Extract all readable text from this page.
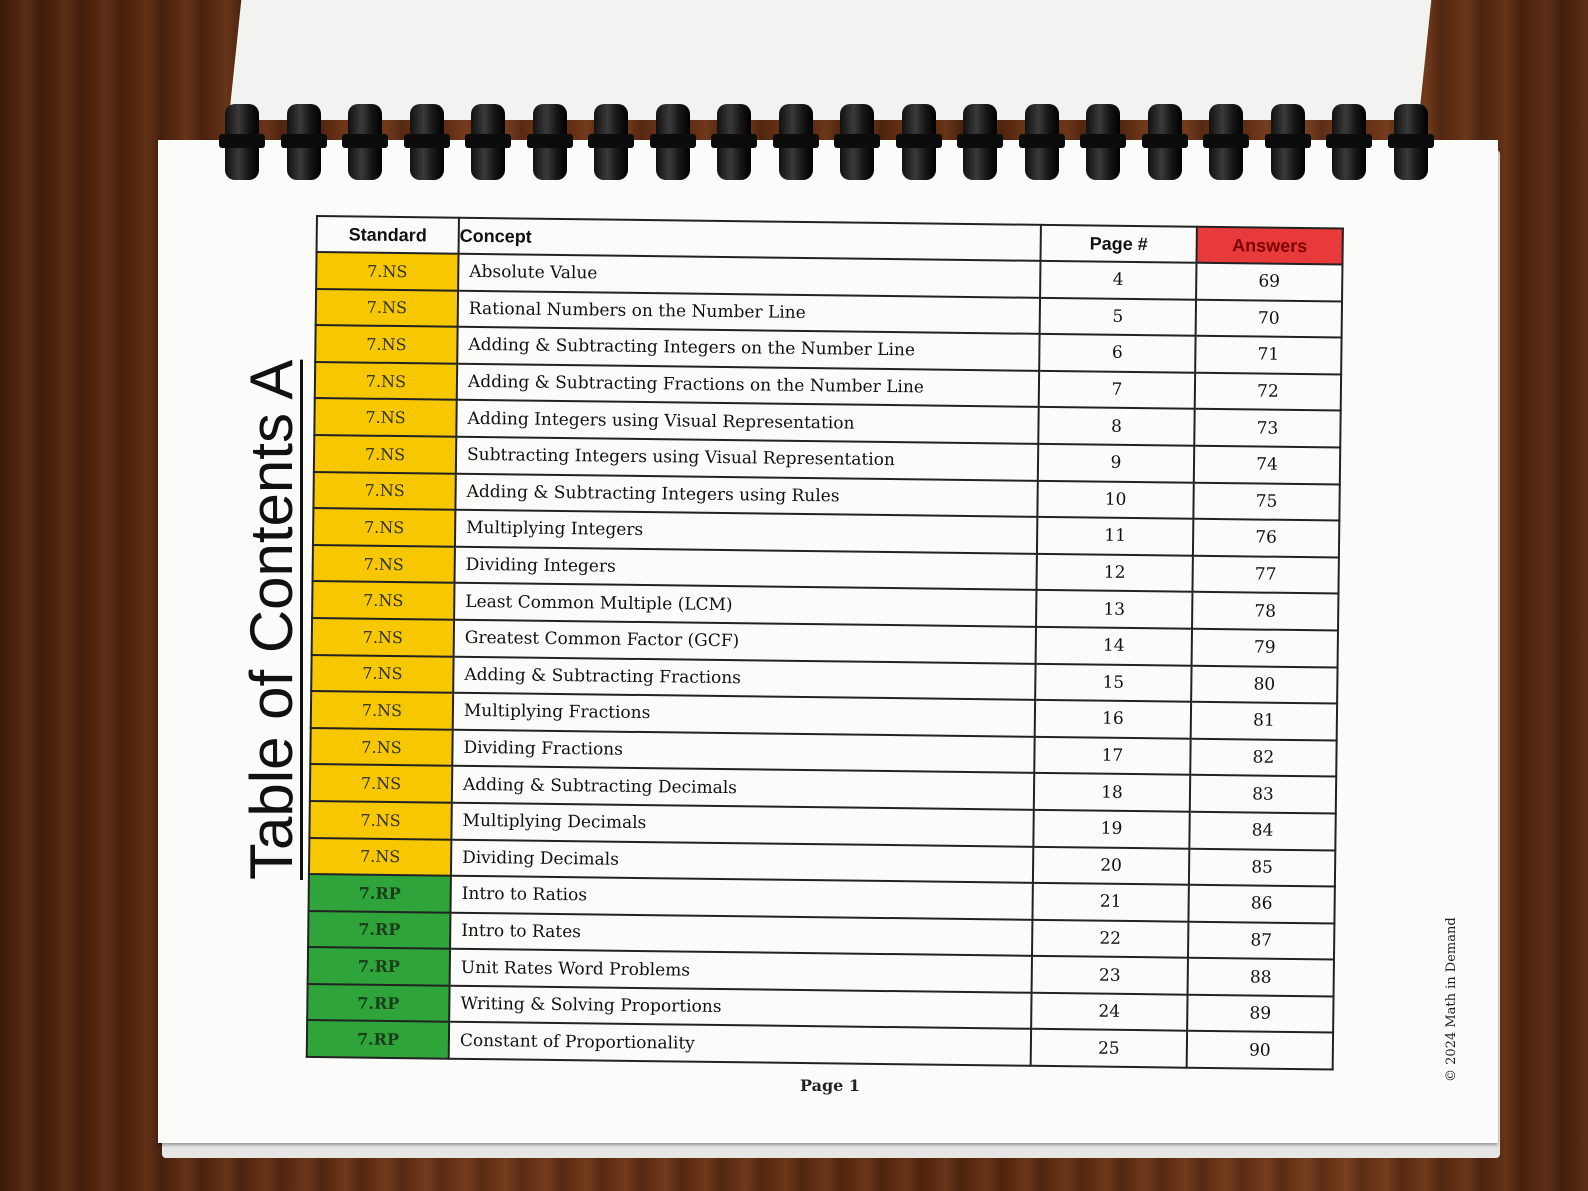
Table of Contents A
Standard	Concept	Page #	Answers
7.NS	Absolute Value	4	69
7.NS	Rational Numbers on the Number Line	5	70
7.NS	Adding & Subtracting Integers on the Number Line	6	71
7.NS	Adding & Subtracting Fractions on the Number Line	7	72
7.NS	Adding Integers using Visual Representation	8	73
7.NS	Subtracting Integers using Visual Representation	9	74
7.NS	Adding & Subtracting Integers using Rules	10	75
7.NS	Multiplying Integers	11	76
7.NS	Dividing Integers	12	77
7.NS	Least Common Multiple (LCM)	13	78
7.NS	Greatest Common Factor (GCF)	14	79
7.NS	Adding & Subtracting Fractions	15	80
7.NS	Multiplying Fractions	16	81
7.NS	Dividing Fractions	17	82
7.NS	Adding & Subtracting Decimals	18	83
7.NS	Multiplying Decimals	19	84
7.NS	Dividing Decimals	20	85
7.RP	Intro to Ratios	21	86
7.RP	Intro to Rates	22	87
7.RP	Unit Rates Word Problems	23	88
7.RP	Writing & Solving Proportions	24	89
7.RP	Constant of Proportionality	25	90
Page 1
© 2024 Math in Demand
